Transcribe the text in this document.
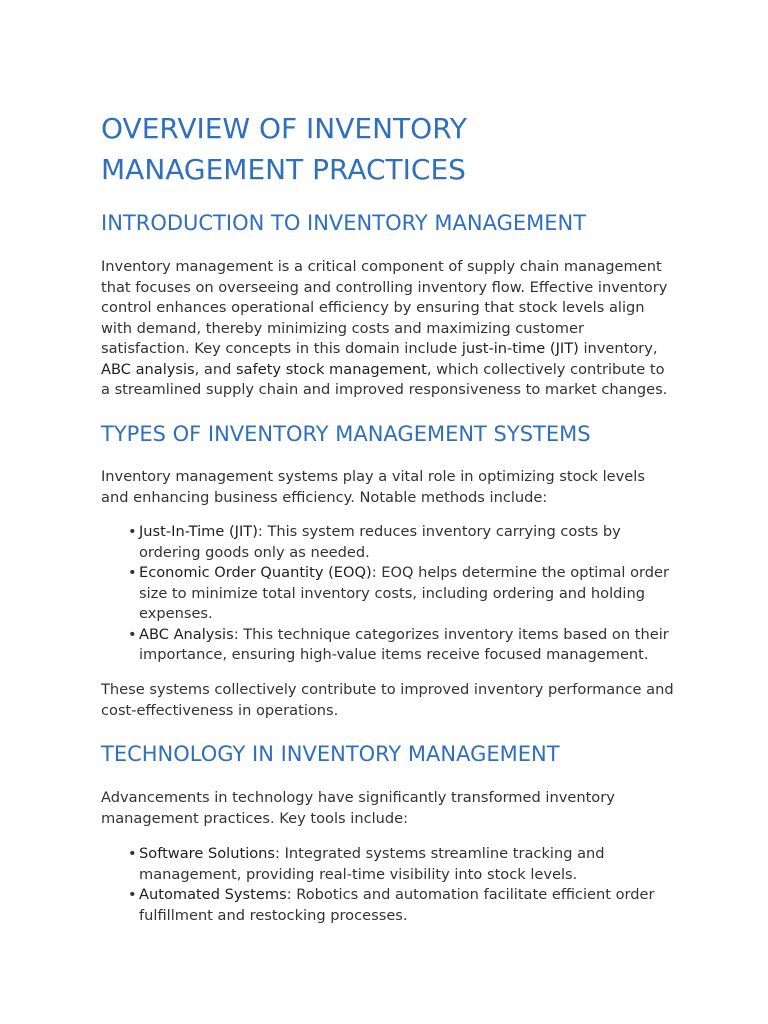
OVERVIEW OF INVENTORY MANAGEMENT PRACTICES
INTRODUCTION TO INVENTORY MANAGEMENT

Inventory management is a critical component of supply chain management that focuses on overseeing and controlling inventory flow. Effective inventory control enhances operational efficiency by ensuring that stock levels align with demand, thereby minimizing costs and maximizing customer satisfaction. Key concepts in this domain include just-in-time (JIT) inventory, ABC analysis, and safety stock management, which collectively contribute to a streamlined supply chain and improved responsiveness to market changes.

TYPES OF INVENTORY MANAGEMENT SYSTEMS

Inventory management systems play a vital role in optimizing stock levels and enhancing business efficiency. Notable methods include:

• Just-In-Time (JIT): This system reduces inventory carrying costs by ordering goods only as needed.
• Economic Order Quantity (EOQ): EOQ helps determine the optimal order size to minimize total inventory costs, including ordering and holding expenses.
• ABC Analysis: This technique categorizes inventory items based on their importance, ensuring high-value items receive focused management.

These systems collectively contribute to improved inventory performance and cost-effectiveness in operations.

TECHNOLOGY IN INVENTORY MANAGEMENT

Advancements in technology have significantly transformed inventory management practices. Key tools include:

• Software Solutions: Integrated systems streamline tracking and management, providing real-time visibility into stock levels.
• Automated Systems: Robotics and automation facilitate efficient order fulfillment and restocking processes.
